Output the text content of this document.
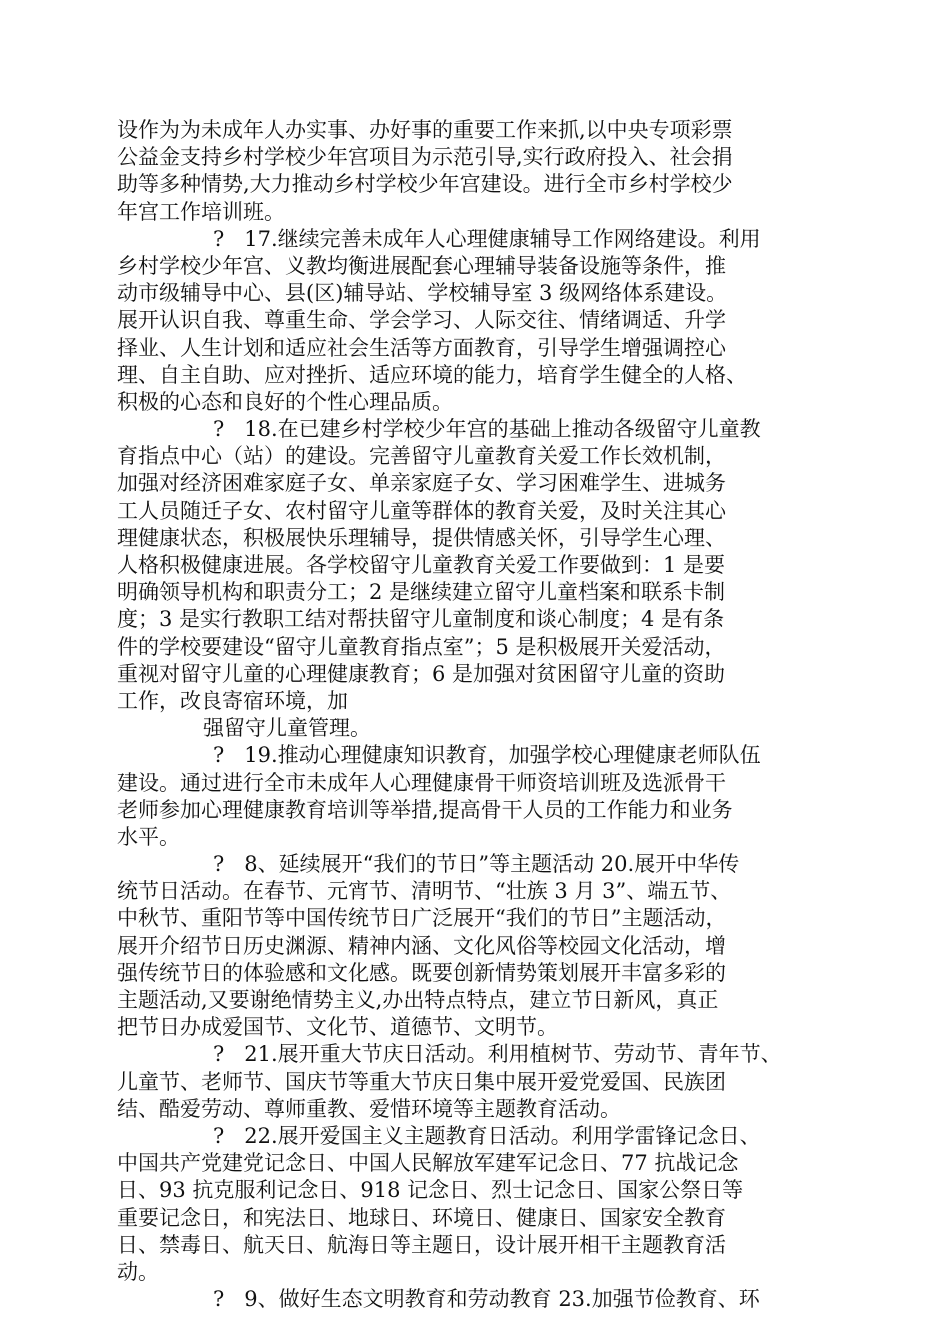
设作为为未成年人办实事、办好事的重要工作来抓,以中央专项彩票
公益金支持乡村学校少年宫项目为示范引导,实行政府投入、社会捐
助等多种情势,大力推动乡村学校少年宫建设。进行全市乡村学校少
年宫工作培训班。
?   17.继续完善未成年人心理健康辅导工作网络建设。利用
乡村学校少年宫、义教均衡进展配套心理辅导装备设施等条件，推
动市级辅导中心、县(区)辅导站、学校辅导室 3 级网络体系建设。
展开认识自我、尊重生命、学会学习、人际交往、情绪调适、升学
择业、人生计划和适应社会生活等方面教育，引导学生增强调控心
理、自主自助、应对挫折、适应环境的能力，培育学生健全的人格、
积极的心态和良好的个性心理品质。
?   18.在已建乡村学校少年宫的基础上推动各级留守儿童教
育指点中心（站）的建设。完善留守儿童教育关爱工作长效机制，
加强对经济困难家庭子女、单亲家庭子女、学习困难学生、进城务
工人员随迁子女、农村留守儿童等群体的教育关爱，及时关注其心
理健康状态，积极展快乐理辅导，提供情感关怀，引导学生心理、
人格积极健康进展。各学校留守儿童教育关爱工作要做到：1 是要
明确领导机构和职责分工；2 是继续建立留守儿童档案和联系卡制
度；3 是实行教职工结对帮扶留守儿童制度和谈心制度；4 是有条
件的学校要建设“留守儿童教育指点室”；5 是积极展开关爱活动，
重视对留守儿童的心理健康教育；6 是加强对贫困留守儿童的资助
工作，改良寄宿环境，加
强留守儿童管理。
?   19.推动心理健康知识教育，加强学校心理健康老师队伍
建设。通过进行全市未成年人心理健康骨干师资培训班及选派骨干
老师参加心理健康教育培训等举措,提高骨干人员的工作能力和业务
水平。
?   8、延续展开“我们的节日”等主题活动 20.展开中华传
统节日活动。在春节、元宵节、清明节、“壮族 3 月 3”、端五节、
中秋节、重阳节等中国传统节日广泛展开“我们的节日”主题活动，
展开介绍节日历史渊源、精神内涵、文化风俗等校园文化活动，增
强传统节日的体验感和文化感。既要创新情势策划展开丰富多彩的
主题活动,又要谢绝情势主义,办出特点特点，建立节日新风，真正
把节日办成爱国节、文化节、道德节、文明节。
?   21.展开重大节庆日活动。利用植树节、劳动节、青年节、
儿童节、老师节、国庆节等重大节庆日集中展开爱党爱国、民族团
结、酷爱劳动、尊师重教、爱惜环境等主题教育活动。
?   22.展开爱国主义主题教育日活动。利用学雷锋记念日、
中国共产党建党记念日、中国人民解放军建军记念日、77 抗战记念
日、93 抗克服利记念日、918 记念日、烈士记念日、国家公祭日等
重要记念日，和宪法日、地球日、环境日、健康日、国家安全教育
日、禁毒日、航天日、航海日等主题日，设计展开相干主题教育活
动。
?   9、做好生态文明教育和劳动教育 23.加强节俭教育、环
